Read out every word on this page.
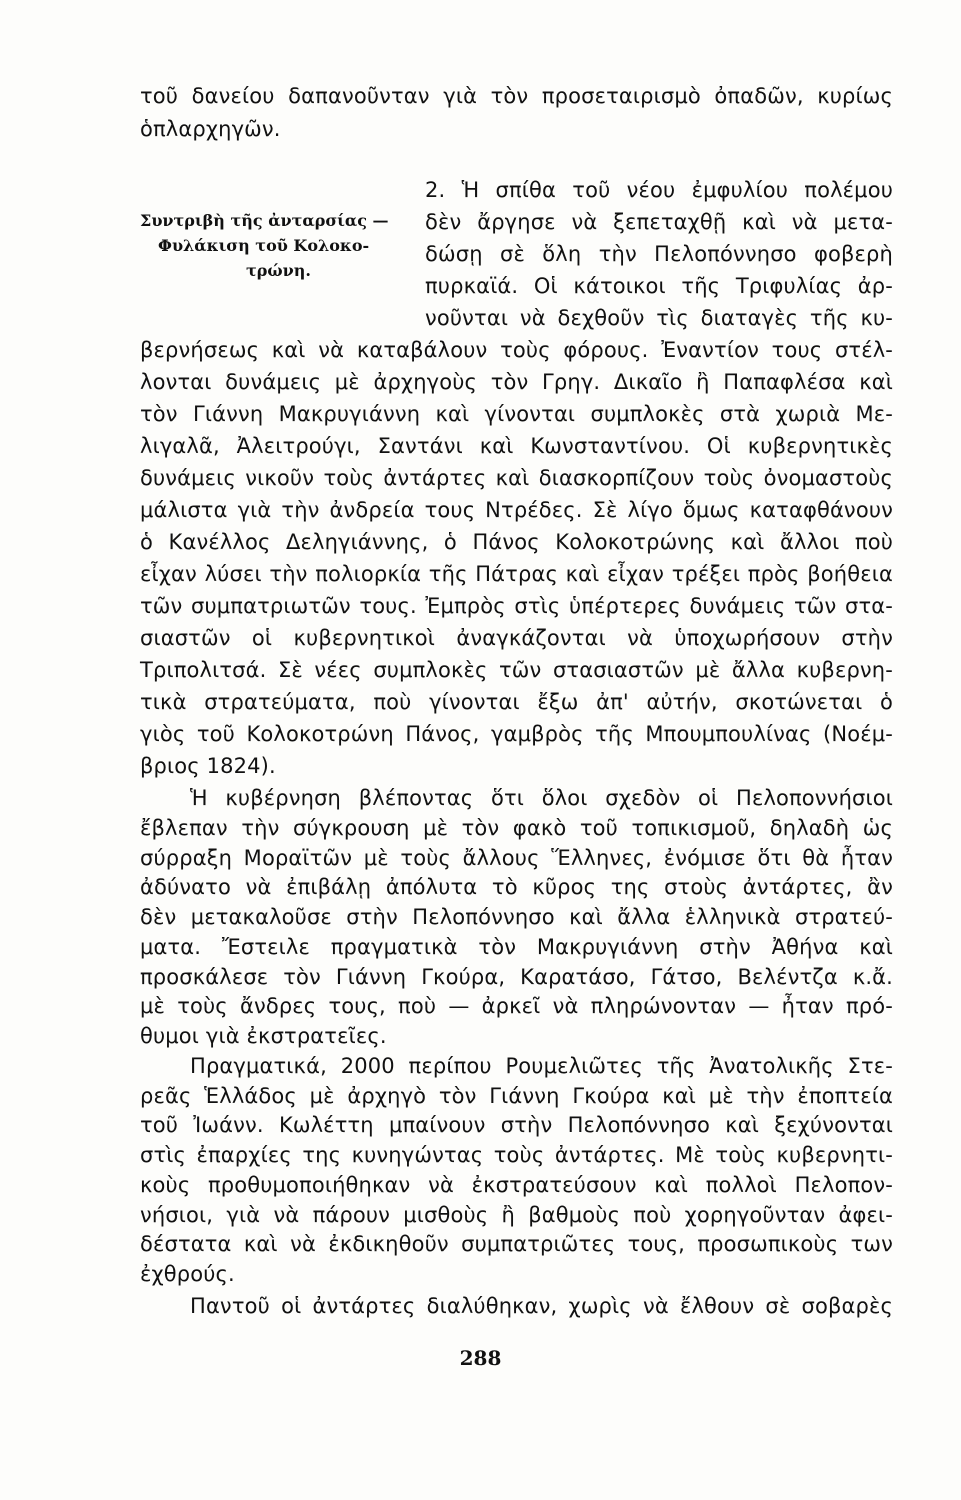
τοῦ δανείου δαπανοῦνταν γιὰ τὸν προσεταιρισμὸ ὀπαδῶν, κυρίως
ὁπλαρχηγῶν.
Συντριβὴ τῆς ἀνταρσίας —
Φυλάκιση τοῦ Κολοκο-
τρώνη.
2. Ἡ σπίθα τοῦ νέου ἐμφυλίου πολέμου
δὲν ἄργησε νὰ ξεπεταχθῇ καὶ νὰ μετα-
δώσῃ σὲ ὅλη τὴν Πελοπόννησο φοβερὴ
πυρκαϊά. Οἱ κάτοικοι τῆς Τριφυλίας ἀρ-
νοῦνται νὰ δεχθοῦν τὶς διαταγὲς τῆς κυ-
βερνήσεως καὶ νὰ καταβάλουν τοὺς φόρους. Ἐναντίον τους στέλ-
λονται δυνάμεις μὲ ἀρχηγοὺς τὸν Γρηγ. Δικαῖο ἢ Παπαφλέσα καὶ
τὸν Γιάννη Μακρυγιάννη καὶ γίνονται συμπλοκὲς στὰ χωριὰ Με-
λιγαλᾶ, Ἀλειτρούγι, Σαντάνι καὶ Κωνσταντίνου. Οἱ κυβερνητικὲς
δυνάμεις νικοῦν τοὺς ἀντάρτες καὶ διασκορπίζουν τοὺς ὀνομαστοὺς
μάλιστα γιὰ τὴν ἀνδρεία τους Ντρέδες. Σὲ λίγο ὅμως καταφθάνουν
ὁ Κανέλλος Δεληγιάννης, ὁ Πάνος Κολοκοτρώνης καὶ ἄλλοι ποὺ
εἶχαν λύσει τὴν πολιορκία τῆς Πάτρας καὶ εἶχαν τρέξει πρὸς βοήθεια
τῶν συμπατριωτῶν τους. Ἐμπρὸς στὶς ὑπέρτερες δυνάμεις τῶν στα-
σιαστῶν οἱ κυβερνητικοὶ ἀναγκάζονται νὰ ὑποχωρήσουν στὴν
Τριπολιτσά. Σὲ νέες συμπλοκὲς τῶν στασιαστῶν μὲ ἄλλα κυβερνη-
τικὰ στρατεύματα, ποὺ γίνονται ἔξω ἀπ' αὐτήν, σκοτώνεται ὁ
γιὸς τοῦ Κολοκοτρώνη Πάνος, γαμβρὸς τῆς Μπουμπουλίνας (Νοέμ-
βριος 1824).
Ἡ κυβέρνηση βλέποντας ὅτι ὅλοι σχεδὸν οἱ Πελοποννήσιοι
ἔβλεπαν τὴν σύγκρουση μὲ τὸν φακὸ τοῦ τοπικισμοῦ, δηλαδὴ ὡς
σύρραξη Μοραϊτῶν μὲ τοὺς ἄλλους Ἕλληνες, ἐνόμισε ὅτι θὰ ἦταν
ἀδύνατο νὰ ἐπιβάλῃ ἀπόλυτα τὸ κῦρος της στοὺς ἀντάρτες, ἂν
δὲν μετακαλοῦσε στὴν Πελοπόννησο καὶ ἄλλα ἑλληνικὰ στρατεύ-
ματα. Ἔστειλε πραγματικὰ τὸν Μακρυγιάννη στὴν Ἀθήνα καὶ
προσκάλεσε τὸν Γιάννη Γκούρα, Καρατάσο, Γάτσο, Βελέντζα κ.ἄ.
μὲ τοὺς ἄνδρες τους, ποὺ — ἀρκεῖ νὰ πληρώνονταν — ἦταν πρό-
θυμοι γιὰ ἐκστρατεῖες.
Πραγματικά, 2000 περίπου Ρουμελιῶτες τῆς Ἀνατολικῆς Στε-
ρεᾶς Ἑλλάδος μὲ ἀρχηγὸ τὸν Γιάννη Γκούρα καὶ μὲ τὴν ἐποπτεία
τοῦ Ἰωάνν. Κωλέττη μπαίνουν στὴν Πελοπόννησο καὶ ξεχύνονται
στὶς ἐπαρχίες της κυνηγώντας τοὺς ἀντάρτες. Μὲ τοὺς κυβερνητι-
κοὺς προθυμοποιήθηκαν νὰ ἐκστρατεύσουν καὶ πολλοὶ Πελοπον-
νήσιοι, γιὰ νὰ πάρουν μισθοὺς ἢ βαθμοὺς ποὺ χορηγοῦνταν ἀφει-
δέστατα καὶ νὰ ἐκδικηθοῦν συμπατριῶτες τους, προσωπικοὺς των
ἐχθρούς.
288
Παντοῦ οἱ ἀντάρτες διαλύθηκαν, χωρὶς νὰ ἔλθουν σὲ σοβαρὲς
